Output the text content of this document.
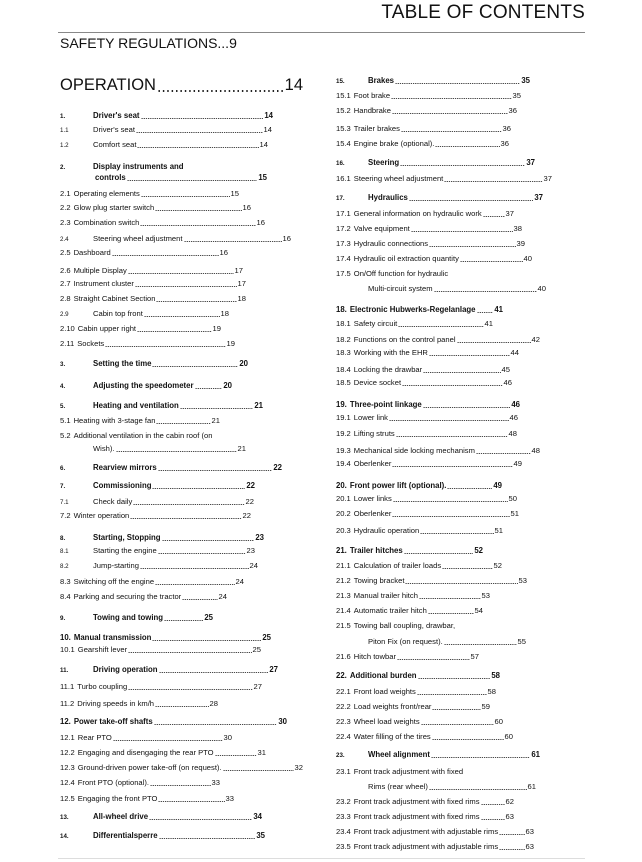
TABLE OF CONTENTS
SAFETY REGULATIONS...9
OPERATION	14
1.	Driver's seat	14
1.1	Driver's seat	14
1.2	Comfort seat	14
2.	Display instruments and
controls	15
2.1 Operating elements	15
2.2 Glow plug starter switch	16
2.3 Combination switch	16
2.4	Steering wheel adjustment	16
2.5 Dashboard	16
2.6 Multiple Display	17
2.7 Instrument cluster	17
2.8 Straight Cabinet Section	18
2.9	Cabin top front	18
2.10 Cabin upper right	19
2.11 Sockets	19
3.	Setting the time	20
4.	Adjusting the speedometer	20
5.	Heating and ventilation	21
5.1 Heating with 3-stage fan	21
5.2 Additional ventilation in the cabin roof (on
Wish).	21
6.	Rearview mirrors	22
7.	Commissioning	22
7.1	Check daily	22
7.2 Winter operation	22
8.	Starting, Stopping	23
8.1	Starting the engine	23
8.2	Jump-starting	24
8.3 Switching off the engine	24
8.4 Parking and securing the tractor	24
9.	Towing and towing	25
10. Manual transmission	25
10.1 Gearshift lever	25
11.	Driving operation	27
11.1 Turbo coupling	27
11.2 Driving speeds in km/h	28
12. Power take-off shafts	30
12.1 Rear PTO	30
12.2 Engaging and disengaging the rear PTO	31
12.3 Ground-driven power take-off (on request).	32
12.4 Front PTO (optional).	33
12.5 Engaging the front PTO	33
13.	All-wheel drive	34
14.	Differentialsperre	35
15.	Brakes	35
15.1 Foot brake	35
15.2 Handbrake	36
15.3 Trailer brakes	36
15.4 Engine brake (optional).	36
16.	Steering	37
16.1 Steering wheel adjustment	37
17.	Hydraulics	37
17.1 General information on hydraulic work	37
17.2 Valve equipment	38
17.3 Hydraulic connections	39
17.4 Hydraulic oil extraction quantity	40
17.5 On/Off function for hydraulic
Multi-circuit system	40
18. Electronic Hubwerks-Regelanlage 41
18.1 Safety circuit	41
18.2 Functions on the control panel	42
18.3 Working with the EHR	44
18.4 Locking the drawbar	45
18.5 Device socket	46
19. Three-point linkage	46
19.1 Lower link	46
19.2 Lifting struts	48
19.3 Mechanical side locking mechanism	48
19.4 Oberlenker	49
20. Front power lift (optional).	49
20.1 Lower links	50
20.2 Oberlenker	51
20.3 Hydraulic operation	51
21. Trailer hitches	52
21.1 Calculation of trailer loads	52
21.2 Towing bracket	53
21.3 Manual trailer hitch	53
21.4 Automatic trailer hitch	54
21.5 Towing ball coupling, drawbar,
Piton Fix (on request).	55
21.6 Hitch towbar	57
22. Additional burden	58
22.1 Front load weights	58
22.2 Load weights front/rear	59
22.3 Wheel load weights	60
22.4 Water filling of the tires	60
23.	Wheel alignment	61
23.1 Front track adjustment with fixed
Rims (rear wheel)	61
23.2 Front track adjustment with fixed rims	62
23.3 Front track adjustment with fixed rims	63
23.4 Front track adjustment with adjustable rims	63
23.5 Front track adjustment with adjustable rims	63
